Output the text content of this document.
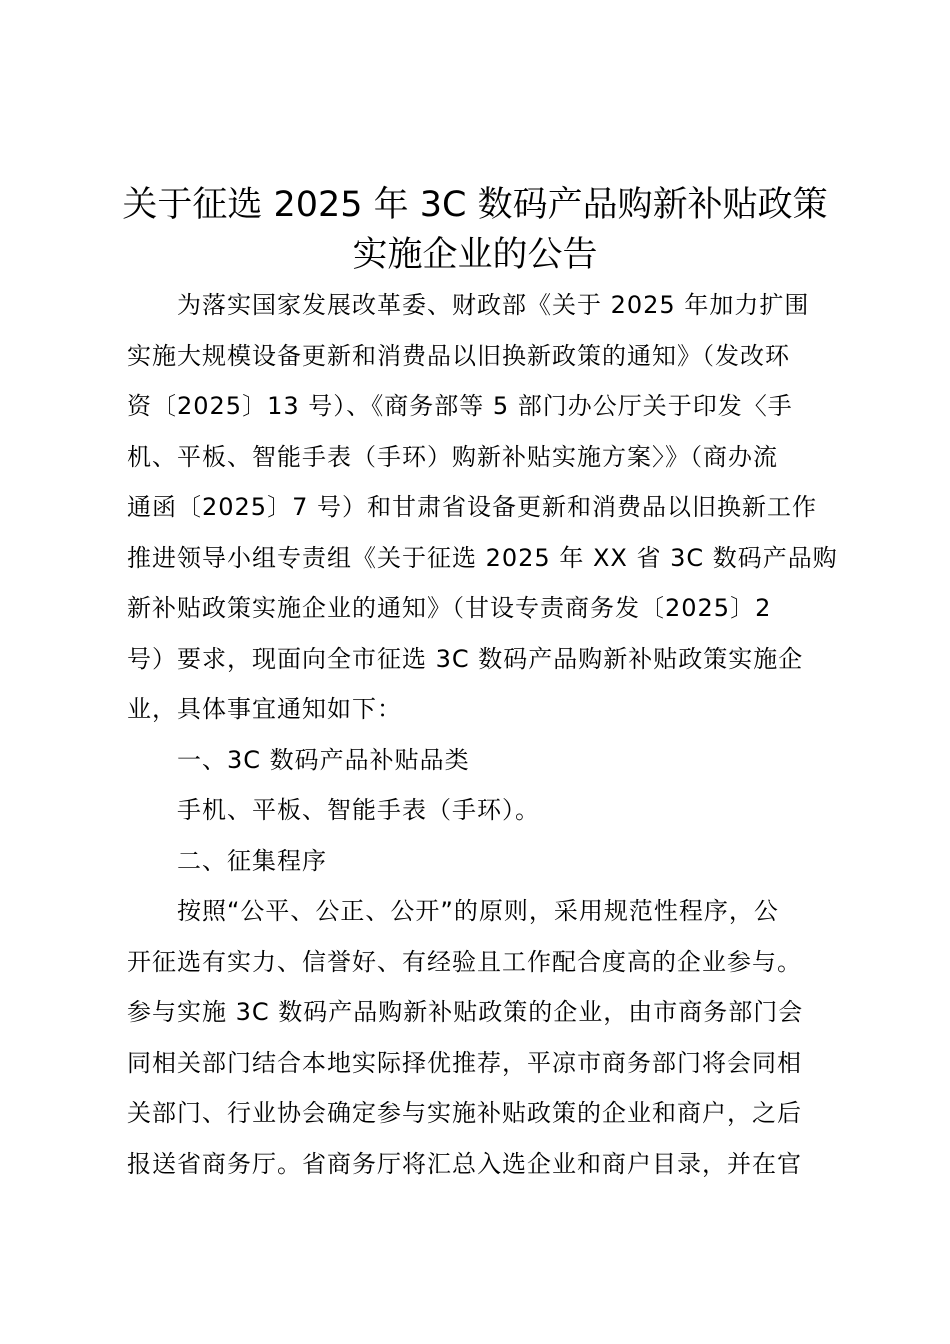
关于征选 2025 年 3C 数码产品购新补贴政策
实施企业的公告
为落实国家发展改革委、财政部《关于 2025 年加力扩围
实施大规模设备更新和消费品以旧换新政策的通知》（发改环
资〔2025〕13 号）、《商务部等 5 部门办公厅关于印发〈手
机、平板、智能手表（手环）购新补贴实施方案〉》（商办流
通函〔2025〕7 号）和甘肃省设备更新和消费品以旧换新工作
推进领导小组专责组《关于征选 2025 年 XX 省 3C 数码产品购
新补贴政策实施企业的通知》（甘设专责商务发〔2025〕2
号）要求，现面向全市征选 3C 数码产品购新补贴政策实施企
业，具体事宜通知如下：
一、3C 数码产品补贴品类
手机、平板、智能手表（手环）。
二、征集程序
按照“公平、公正、公开”的原则，采用规范性程序，公
开征选有实力、信誉好、有经验且工作配合度高的企业参与。
参与实施 3C 数码产品购新补贴政策的企业，由市商务部门会
同相关部门结合本地实际择优推荐，平凉市商务部门将会同相
关部门、行业协会确定参与实施补贴政策的企业和商户，之后
报送省商务厅。省商务厅将汇总入选企业和商户目录，并在官
